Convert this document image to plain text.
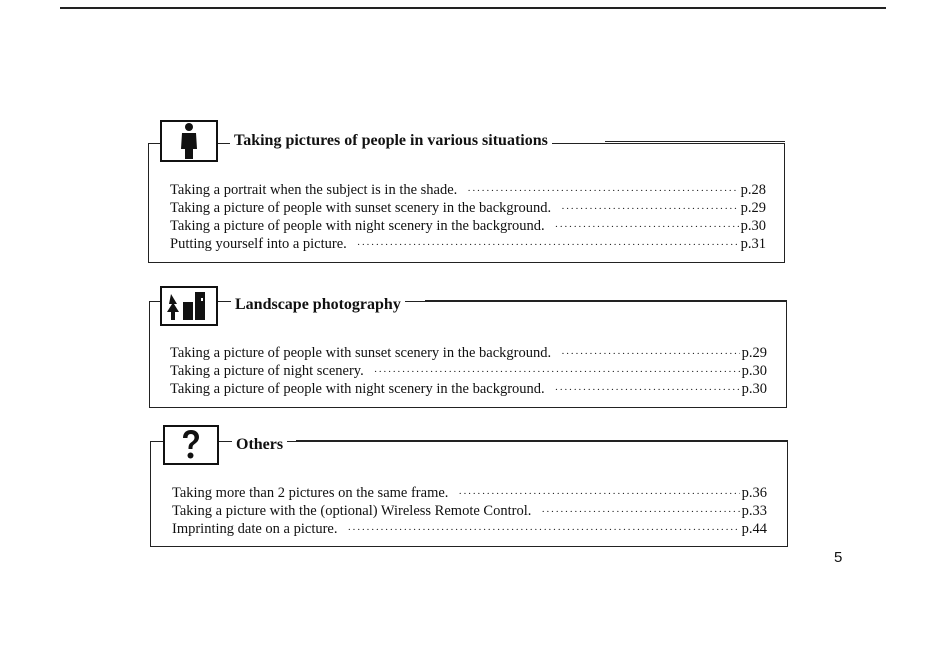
Taking pictures of people in various situations
Taking a portrait when the subject is in the shade. ·····	p.28
Taking a picture of people with sunset scenery in the background. ·····	p.29
Taking a picture of people with night scenery in the background. ·····	p.30
Putting yourself into a picture. ·····	p.31
Landscape photography
Taking a picture of people with sunset scenery in the background. ·····	p.29
Taking a picture of night scenery. ·····	p.30
Taking a picture of people with night scenery in the background. ·····	p.30
Others
Taking more than 2 pictures on the same frame. ·····	p.36
Taking a picture with the (optional) Wireless Remote Control. ·····	p.33
Imprinting date on a picture. ·····	p.44
5
